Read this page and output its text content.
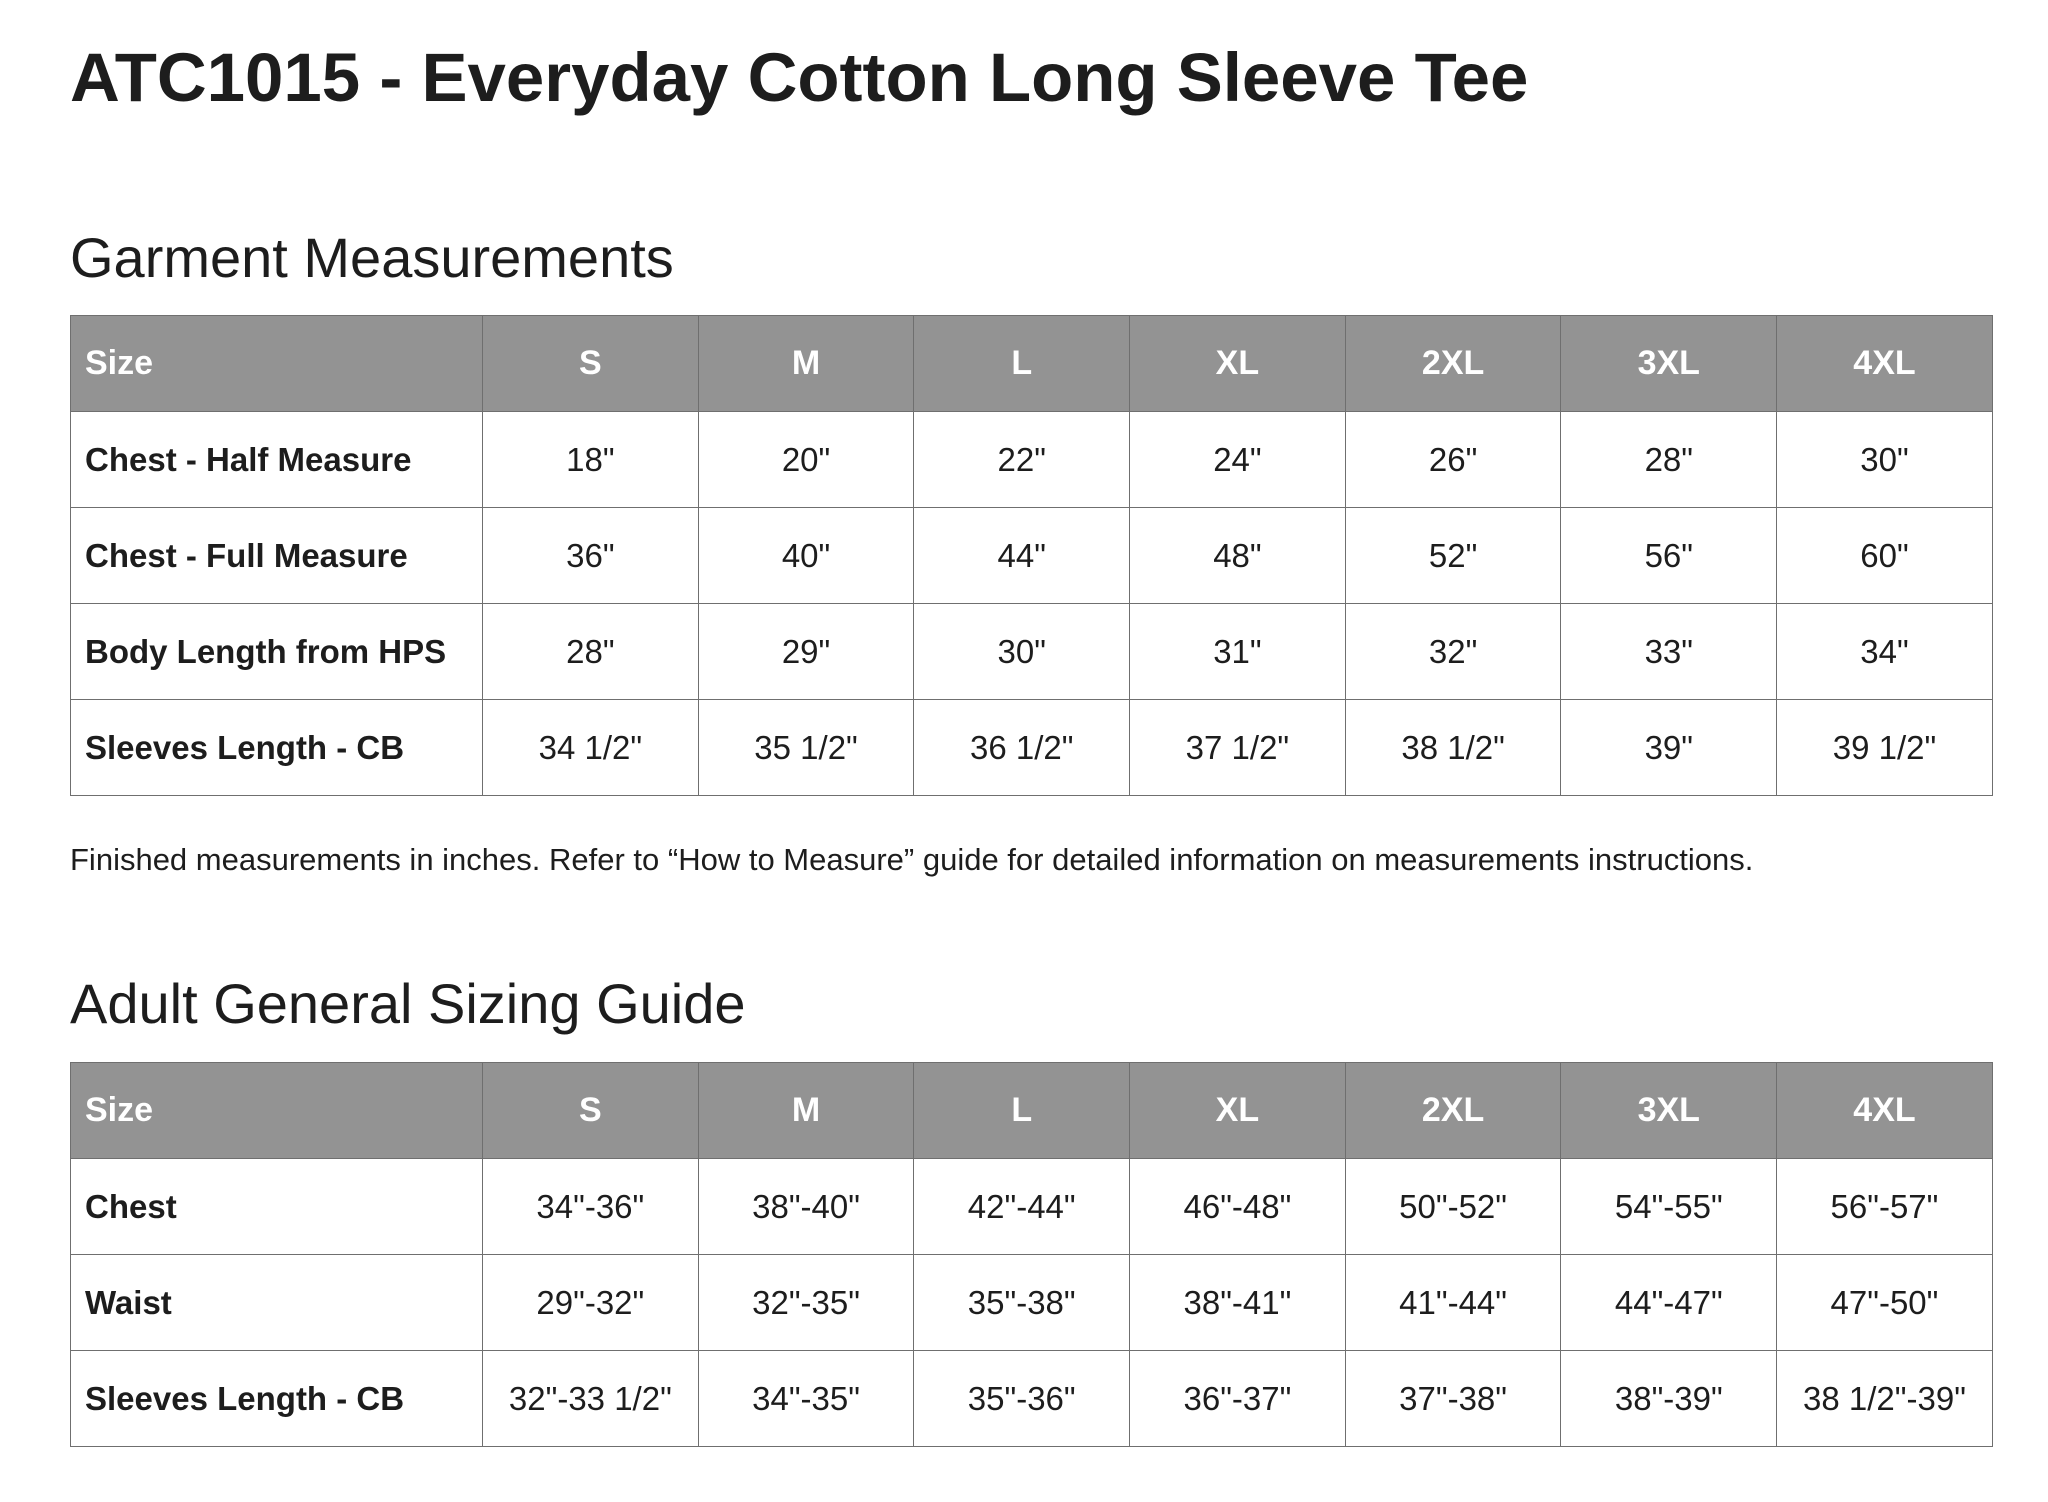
ATC1015 - Everyday Cotton Long Sleeve Tee
Garment Measurements
Size	S	M	L	XL	2XL	3XL	4XL
Chest - Half Measure	18"	20"	22"	24"	26"	28"	30"
Chest - Full Measure	36"	40"	44"	48"	52"	56"	60"
Body Length from HPS	28"	29"	30"	31"	32"	33"	34"
Sleeves Length - CB	34 1/2"	35 1/2"	36 1/2"	37 1/2"	38 1/2"	39"	39 1/2"

Finished measurements in inches. Refer to “How to Measure” guide for detailed information on measurements instructions.

Adult General Sizing Guide
Size	S	M	L	XL	2XL	3XL	4XL
Chest	34"-36"	38"-40"	42"-44"	46"-48"	50"-52"	54"-55"	56"-57"
Waist	29"-32"	32"-35"	35"-38"	38"-41"	41"-44"	44"-47"	47"-50"
Sleeves Length - CB	32"-33 1/2"	34"-35"	35"-36"	36"-37"	37"-38"	38"-39"	38 1/2"-39"
